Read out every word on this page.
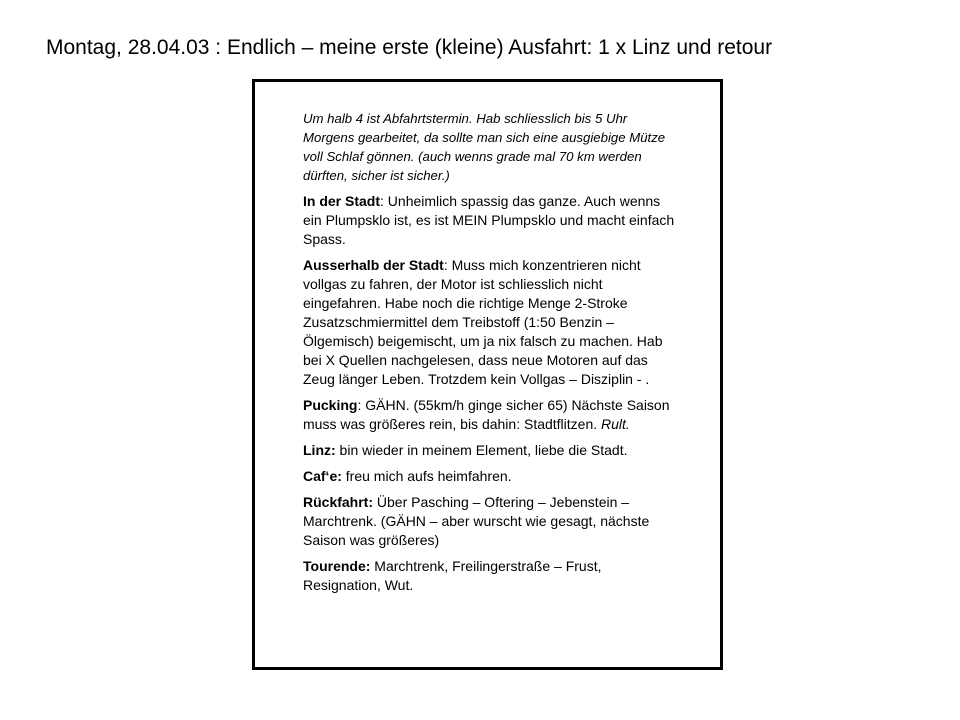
Montag, 28.04.03 : Endlich – meine erste (kleine) Ausfahrt: 1 x Linz und retour

Um halb 4 ist Abfahrtstermin. Hab schliesslich bis 5 Uhr Morgens gearbeitet, da sollte man sich eine ausgiebige Mütze voll Schlaf gönnen. (auch wenns grade mal 70 km werden dürften, sicher ist sicher.)

In der Stadt: Unheimlich spassig das ganze. Auch wenns ein Plumpsklo ist, es ist MEIN Plumpsklo und macht einfach Spass.

Ausserhalb der Stadt: Muss mich konzentrieren nicht vollgas zu fahren, der Motor ist schliesslich nicht eingefahren. Habe noch die richtige Menge 2-Stroke Zusatzschmiermittel dem Treibstoff (1:50 Benzin – Ölgemisch) beigemischt, um ja nix falsch zu machen. Hab bei X Quellen nachgelesen, dass neue Motoren auf das Zeug länger Leben. Trotzdem kein Vollgas – Disziplin - .

Pucking: GÄHN. (55km/h ginge sicher 65) Nächste Saison muss was größeres rein, bis dahin: Stadtflitzen. Rult.

Linz: bin wieder in meinem Element, liebe die Stadt.

Caf‘e: freu mich aufs heimfahren.

Rückfahrt: Über Pasching – Oftering – Jebenstein – Marchtrenk. (GÄHN – aber wurscht wie gesagt, nächste Saison was größeres)

Tourende: Marchtrenk, Freilingerstraße – Frust, Resignation, Wut.
